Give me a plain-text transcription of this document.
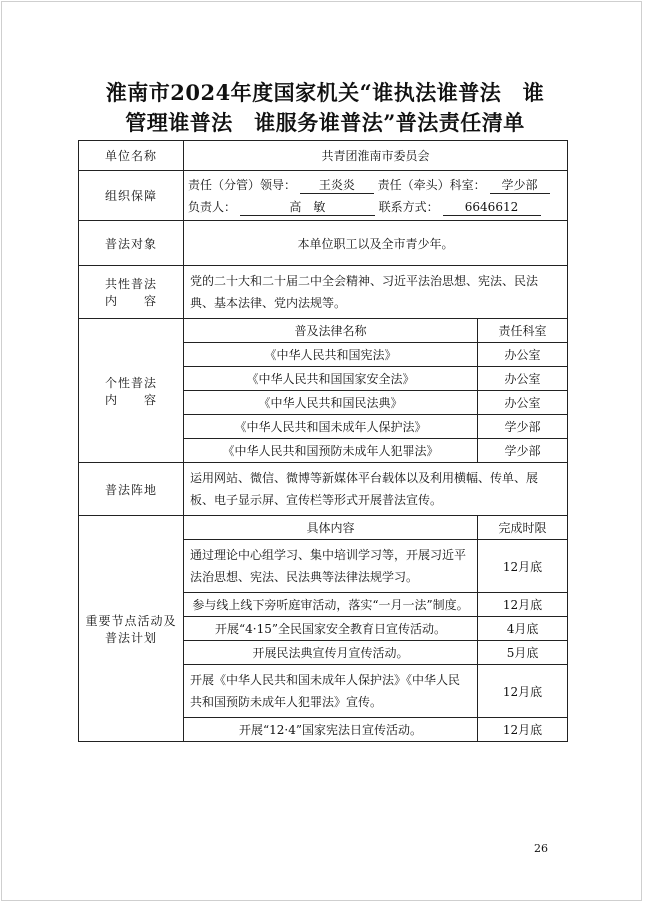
淮南市2024年度国家机关“谁执法谁普法　谁
管理谁普法　谁服务谁普法”普法责任清单
单位名称	共青团淮南市委员会	
组织保障	责任（分管）领导： 王炎炎 责任（牵头）科室： 学少部
负责人： 高　敏 联系方式： 6646612	

普法对象	本单位职工以及全市青少年。	

共性普法
内　　容	党的二十大和二十届二中全会精神、习近平法治思想、宪法、民法典、基本法律、党内法规等。	

个性普法
内　　容	普及法律名称	责任科室
	《中华人民共和国宪法》	办公室
	《中华人民共和国国家安全法》	办公室
	《中华人民共和国民法典》	办公室
	《中华人民共和国未成年人保护法》	学少部
	《中华人民共和国预防未成年人犯罪法》	学少部
普法阵地	运用网站、微信、微博等新媒体平台载体以及利用横幅、传单、展板、电子显示屏、宣传栏等形式开展普法宣传。	

重要节点活动及
普法计划	具体内容	完成时限
	通过理论中心组学习、集中培训学习等，开展习近平法治思想、宪法、民法典等法律法规学习。	12月底
	参与线上线下旁听庭审活动，落实“一月一法”制度。	12月底
	开展“4·15”全民国家安全教育日宣传活动。	4月底
	开展民法典宣传月宣传活动。	5月底
	开展《中华人民共和国未成年人保护法》《中华人民共和国预防未成年人犯罪法》宣传。	12月底
	开展“12·4”国家宪法日宣传活动。	12月底
26
